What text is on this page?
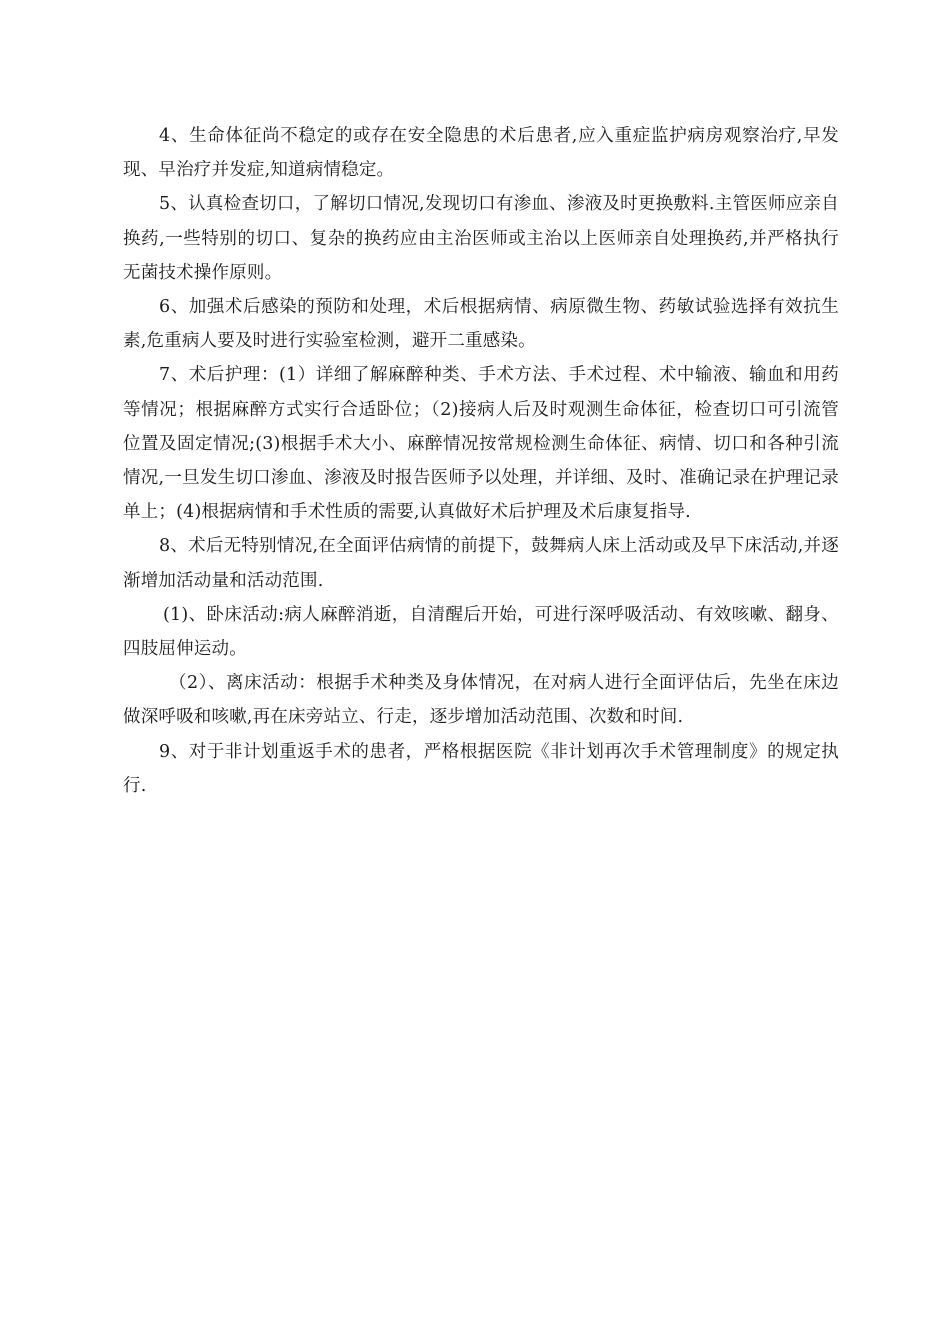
4、生命体征尚不稳定的或存在安全隐患的术后患者,应入重症监护病房观察治疗,早发现、早治疗并发症,知道病情稳定。

5、认真检查切口，了解切口情况,发现切口有渗血、渗液及时更换敷料.主管医师应亲自换药,一些特别的切口、复杂的换药应由主治医师或主治以上医师亲自处理换药,并严格执行无菌技术操作原则。

6、加强术后感染的预防和处理，术后根据病情、病原微生物、药敏试验选择有效抗生素,危重病人要及时进行实验室检测，避开二重感染。

7、术后护理：(1）详细了解麻醉种类、手术方法、手术过程、术中输液、输血和用药等情况；根据麻醉方式实行合适卧位；（2)接病人后及时观测生命体征，检查切口可引流管位置及固定情况;(3)根据手术大小、麻醉情况按常规检测生命体征、病情、切口和各种引流情况,一旦发生切口渗血、渗液及时报告医师予以处理，并详细、及时、准确记录在护理记录单上；(4)根据病情和手术性质的需要,认真做好术后护理及术后康复指导.

8、术后无特别情况,在全面评估病情的前提下，鼓舞病人床上活动或及早下床活动,并逐渐增加活动量和活动范围.

(1)、卧床活动:病人麻醉消逝，自清醒后开始，可进行深呼吸活动、有效咳嗽、翻身、四肢屈伸运动。

（2）、离床活动：根据手术种类及身体情况，在对病人进行全面评估后，先坐在床边做深呼吸和咳嗽,再在床旁站立、行走，逐步增加活动范围、次数和时间.

9、对于非计划重返手术的患者，严格根据医院《非计划再次手术管理制度》的规定执行.
